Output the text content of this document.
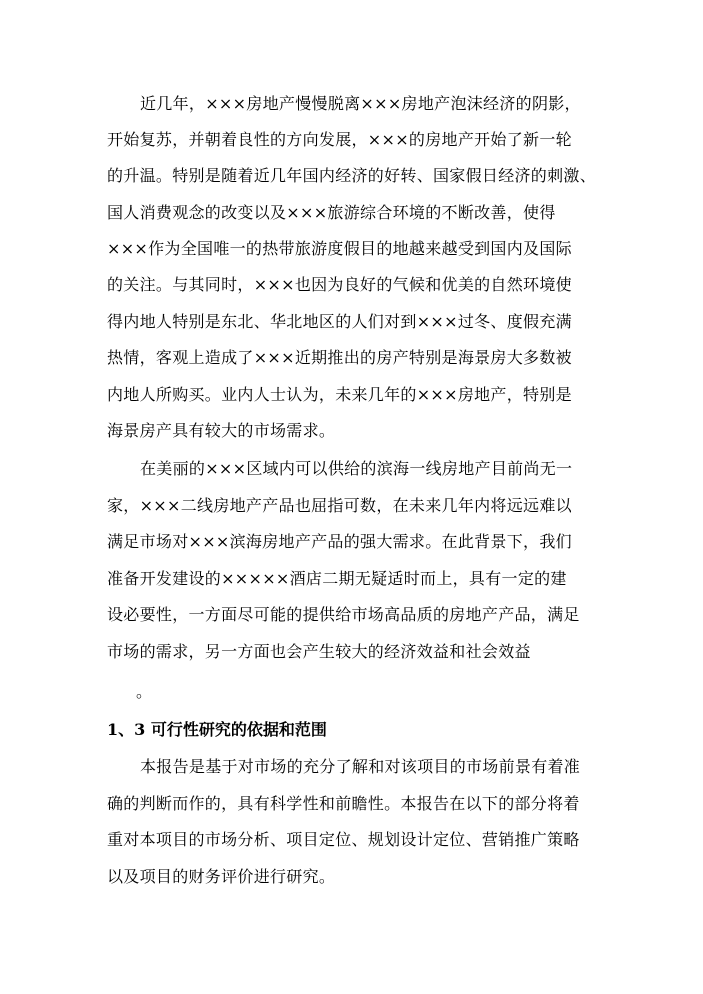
近几年，×××房地产慢慢脱离×××房地产泡沫经济的阴影，
开始复苏，并朝着良性的方向发展，×××的房地产开始了新一轮
的升温。特别是随着近几年国内经济的好转、国家假日经济的刺激、
国人消费观念的改变以及×××旅游综合环境的不断改善，使得
×××作为全国唯一的热带旅游度假目的地越来越受到国内及国际
的关注。与其同时，×××也因为良好的气候和优美的自然环境使
得内地人特别是东北、华北地区的人们对到×××过冬、度假充满
热情，客观上造成了×××近期推出的房产特别是海景房大多数被
内地人所购买。业内人士认为，未来几年的×××房地产，特别是
海景房产具有较大的市场需求。
在美丽的×××区域内可以供给的滨海一线房地产目前尚无一
家，×××二线房地产产品也屈指可数，在未来几年内将远远难以
满足市场对×××滨海房地产产品的强大需求。在此背景下，我们
准备开发建设的×××××酒店二期无疑适时而上，具有一定的建
设必要性，一方面尽可能的提供给市场高品质的房地产产品，满足
市场的需求，另一方面也会产生较大的经济效益和社会效益
。
1、3 可行性研究的依据和范围
本报告是基于对市场的充分了解和对该项目的市场前景有着准
确的判断而作的，具有科学性和前瞻性。本报告在以下的部分将着
重对本项目的市场分析、项目定位、规划设计定位、营销推广策略
以及项目的财务评价进行研究。
